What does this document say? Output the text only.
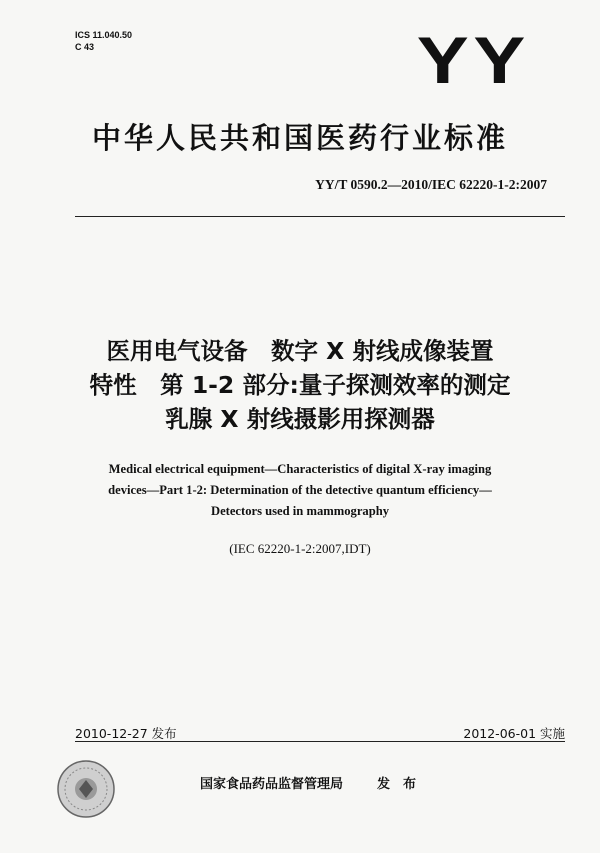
ICS 11.040.50
C 43	YY
中华人民共和国医药行业标准
YY/T 0590.2—2010/IEC 62220-1-2:2007
医用电气设备　数字 X 射线成像装置
特性　第 1-2 部分:量子探测效率的测定
乳腺 X 射线摄影用探测器
Medical electrical equipment—Characteristics of digital X-ray imaging
devices—Part 1-2: Determination of the detective quantum efficiency—
Detectors used in mammography
(IEC 62220-1-2:2007,IDT)
2010-12-27 发布	2012-06-01 实施
国家食品药品监督管理局	发　布
